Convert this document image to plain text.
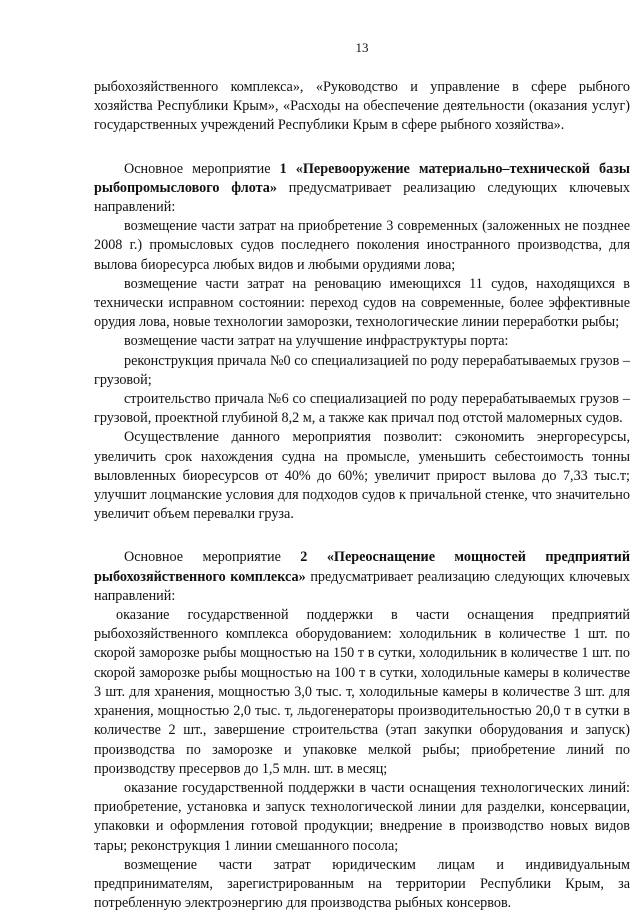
13

рыбохозяйственного комплекса», «Руководство и управление в сфере рыбного хозяйства Республики Крым», «Расходы на обеспечение деятельности (оказания услуг) государственных учреждений Республики Крым в сфере рыбного хозяйства».

Основное мероприятие 1 «Перевооружение материально–технической базы рыбопромыслового флота» предусматривает реализацию следующих ключевых направлений:

возмещение части затрат на приобретение 3 современных (заложенных не позднее 2008 г.) промысловых судов последнего поколения иностранного производства, для вылова биоресурса любых видов и любыми орудиями лова;

возмещение части затрат на реновацию имеющихся 11 судов, находящихся в технически исправном состоянии: переход судов на современные, более эффективные орудия лова, новые технологии заморозки, технологические линии переработки рыбы;

возмещение части затрат на улучшение инфраструктуры порта:

реконструкция причала №0 со специализацией по роду перерабатываемых грузов – грузовой;

строительство причала №6 со специализацией по роду перерабатываемых грузов – грузовой, проектной глубиной 8,2 м, а также как причал под отстой маломерных судов.

Осуществление данного мероприятия позволит: сэкономить энергоресурсы, увеличить срок нахождения судна на промысле, уменьшить себестоимость тонны выловленных биоресурсов от 40% до 60%; увеличит прирост вылова до 7,33 тыс.т; улучшит лоцманские условия для подходов судов к причальной стенке, что значительно увеличит объем перевалки груза.

Основное мероприятие 2 «Переоснащение мощностей предприятий рыбохозяйственного комплекса» предусматривает реализацию следующих ключевых направлений:

оказание государственной поддержки в части оснащения предприятий рыбохозяйственного комплекса оборудованием: холодильник в количестве 1 шт. по скорой заморозке рыбы мощностью на 150 т в сутки, холодильник в количестве 1 шт. по скорой заморозке рыбы мощностью на 100 т в сутки, холодильные камеры в количестве 3 шт. для хранения, мощностью 3,0 тыс. т, холодильные камеры в количестве 3 шт. для хранения, мощностью 2,0 тыс. т, льдогенераторы производительностью 20,0 т в сутки в количестве 2 шт., завершение строительства (этап закупки оборудования и запуск) производства по заморозке и упаковке мелкой рыбы; приобретение линий по производству пресервов до 1,5 млн. шт. в месяц;

оказание государственной поддержки в части оснащения технологических линий: приобретение, установка и запуск технологической линии для разделки, консервации, упаковки и оформления готовой продукции; внедрение в производство новых видов тары; реконструкция 1 линии смешанного посола;

возмещение части затрат юридическим лицам и индивидуальным предпринимателям, зарегистрированным на территории Республики Крым, за потребленную электроэнергию для производства рыбных консервов.
